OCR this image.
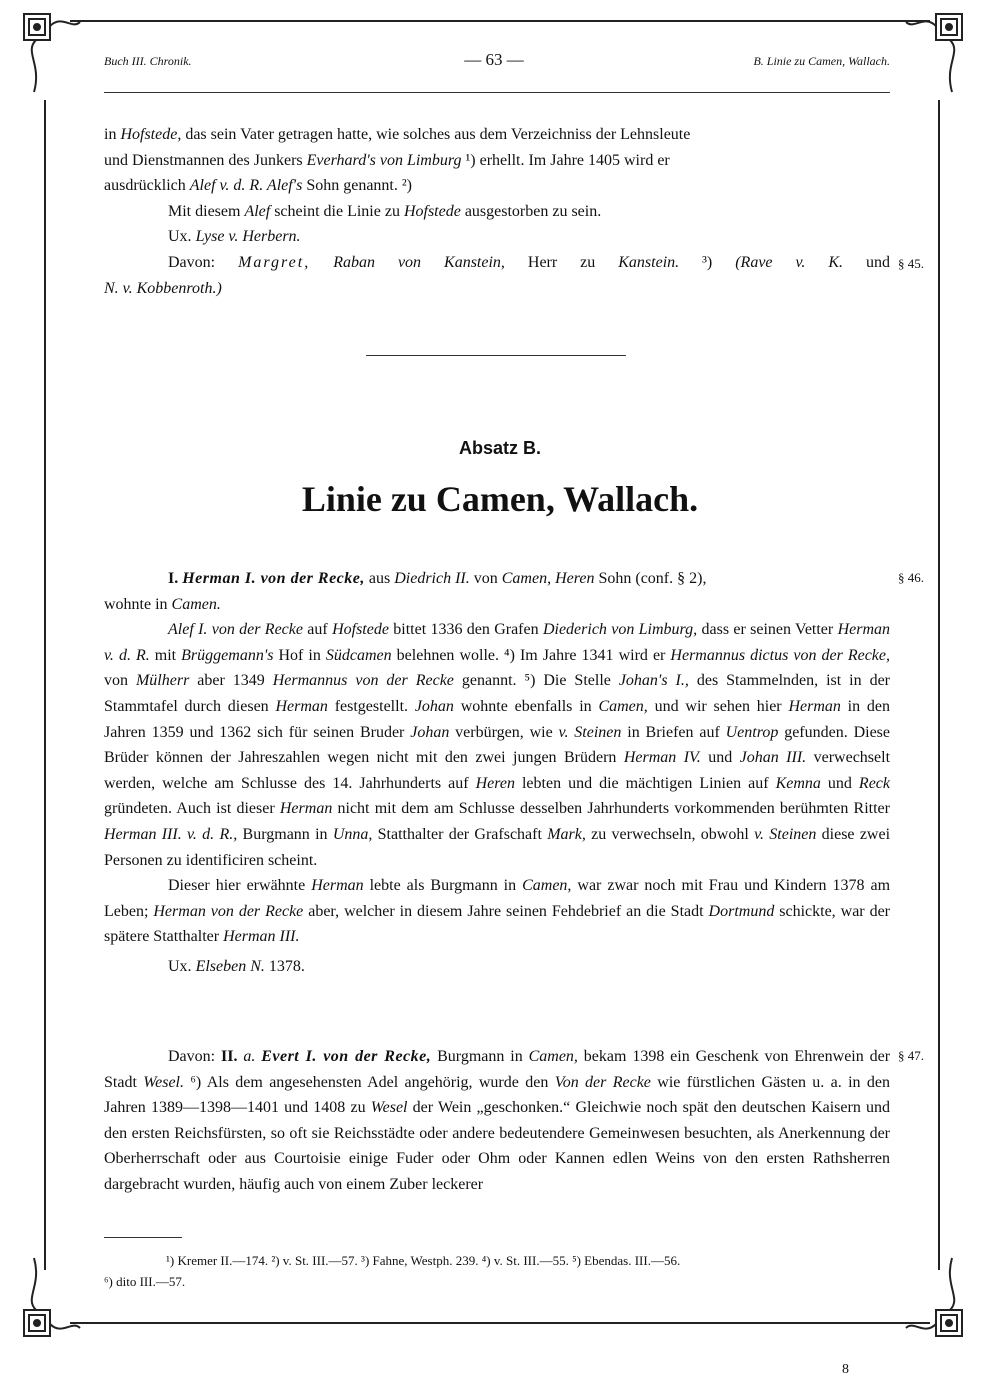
Buch III. Chronik.	— 63 —	B. Linie zu Camen, Wallach.

in Hofstede, das sein Vater getragen hatte, wie solches aus dem Verzeichniss der Lehnsleute

und Dienstmannen des Junkers Everhard's von Limburg ¹) erhellt. Im Jahre 1405 wird er

ausdrücklich Alef v. d. R. Alef's Sohn genannt. ²)

Mit diesem Alef scheint die Linie zu Hofstede ausgestorben zu sein.

Ux. Lyse v. Herbern.

Davon: Margret, Raban von Kanstein, Herr zu Kanstein. ³) (Rave v. K. und

N. v. Kobbenroth.)

§ 45.
Absatz B.
Linie zu Camen, Wallach.
§ 46.

I. Herman I. von der Recke, aus Diedrich II. von Camen, Heren Sohn (conf. § 2),

wohnte in Camen.

Alef I. von der Recke auf Hofstede bittet 1336 den Grafen Diederich von Limburg, dass er seinen Vetter Herman v. d. R. mit Brüggemann's Hof in Südcamen belehnen wolle. ⁴) Im Jahre 1341 wird er Hermannus dictus von der Recke, von Mülherr aber 1349 Hermannus von der Recke genannt. ⁵) Die Stelle Johan's I., des Stammelnden, ist in der Stammtafel durch diesen Herman festgestellt. Johan wohnte ebenfalls in Camen, und wir sehen hier Herman in den Jahren 1359 und 1362 sich für seinen Bruder Johan verbürgen, wie v. Steinen in Briefen auf Uentrop gefunden. Diese Brüder können der Jahreszahlen wegen nicht mit den zwei jungen Brüdern Herman IV. und Johan III. verwechselt werden, welche am Schlusse des 14. Jahrhunderts auf Heren lebten und die mächtigen Linien auf Kemna und Reck gründeten. Auch ist dieser Herman nicht mit dem am Schlusse desselben Jahrhunderts vorkommenden berühmten Ritter Herman III. v. d. R., Burgmann in Unna, Statthalter der Grafschaft Mark, zu verwechseln, obwohl v. Steinen diese zwei Personen zu identificiren scheint.

Dieser hier erwähnte Herman lebte als Burgmann in Camen, war zwar noch mit Frau und Kindern 1378 am Leben; Herman von der Recke aber, welcher in diesem Jahre seinen Fehdebrief an die Stadt Dortmund schickte, war der spätere Statthalter Herman III.

Ux. Elseben N. 1378.

§ 47.

Davon: II. a. Evert I. von der Recke, Burgmann in Camen, bekam 1398 ein Geschenk von Ehrenwein der Stadt Wesel. ⁶) Als dem angesehensten Adel angehörig, wurde den Von der Recke wie fürstlichen Gästen u. a. in den Jahren 1389—1398—1401 und 1408 zu Wesel der Wein „geschonken.“ Gleichwie noch spät den deutschen Kaisern und den ersten Reichsfürsten, so oft sie Reichsstädte oder andere bedeutendere Gemeinwesen besuchten, als Anerkennung der Oberherrschaft oder aus Courtoisie einige Fuder oder Ohm oder Kannen edlen Weins von den ersten Rathsherren dargebracht wurden, häufig auch von einem Zuber leckerer

¹) Kremer II.—174. ²) v. St. III.—57. ³) Fahne, Westph. 239. ⁴) v. St. III.—55. ⁵) Ebendas. III.—56.

⁶) dito III.—57.

8
